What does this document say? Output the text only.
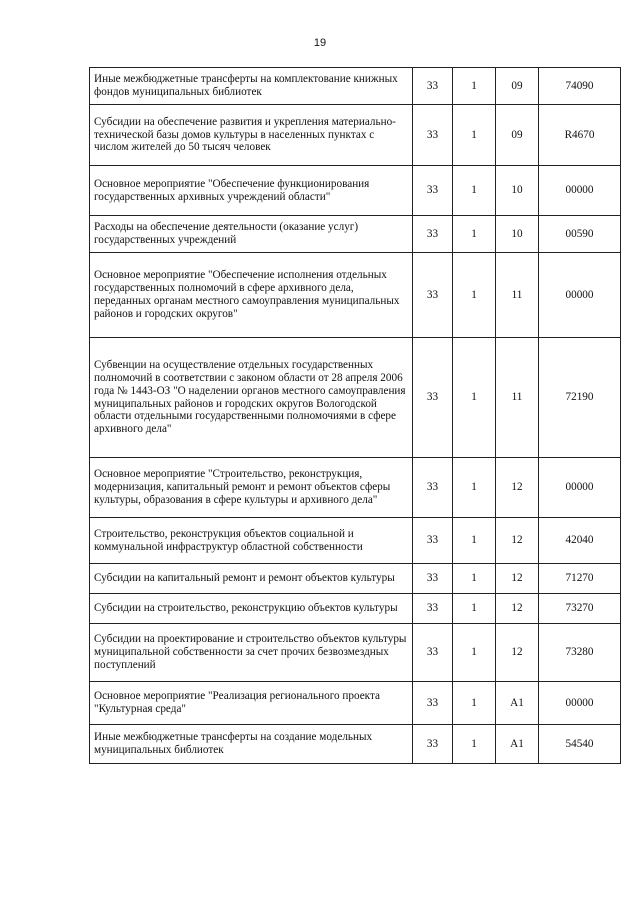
19
Иные межбюджетные трансферты на комплектование книжных фондов муниципальных библиотек	33	1	09	74090
Субсидии на обеспечение развития и укрепления материально-технической базы домов культуры в населенных пунктах с числом жителей до 50 тысяч человек	33	1	09	R4670
Основное мероприятие "Обеспечение функционирования государственных архивных учреждений области"	33	1	10	00000
Расходы на обеспечение деятельности (оказание услуг) государственных учреждений	33	1	10	00590
Основное мероприятие "Обеспечение исполнения отдельных государственных полномочий в сфере архивного дела, переданных органам местного самоуправления муниципальных районов и городских округов"	33	1	11	00000
Субвенции на осуществление отдельных государственных полномочий в соответствии с законом области от 28 апреля 2006 года № 1443-ОЗ "О наделении органов местного самоуправления муниципальных районов и городских округов Вологодской области отдельными государственными полномочиями в сфере архивного дела"	33	1	11	72190
Основное мероприятие "Строительство, реконструкция, модернизация, капитальный ремонт и ремонт объектов сферы культуры, образования в сфере культуры и архивного дела"	33	1	12	00000
Строительство, реконструкция объектов социальной и коммунальной инфраструктур областной собственности	33	1	12	42040
Субсидии на капитальный ремонт и ремонт объектов культуры	33	1	12	71270
Субсидии на строительство, реконструкцию объектов культуры	33	1	12	73270
Субсидии на проектирование и строительство объектов культуры муниципальной собственности за счет прочих безвозмездных поступлений	33	1	12	73280
Основное мероприятие "Реализация регионального проекта "Культурная среда"	33	1	А1	00000
Иные межбюджетные трансферты на создание модельных муниципальных библиотек	33	1	А1	54540
